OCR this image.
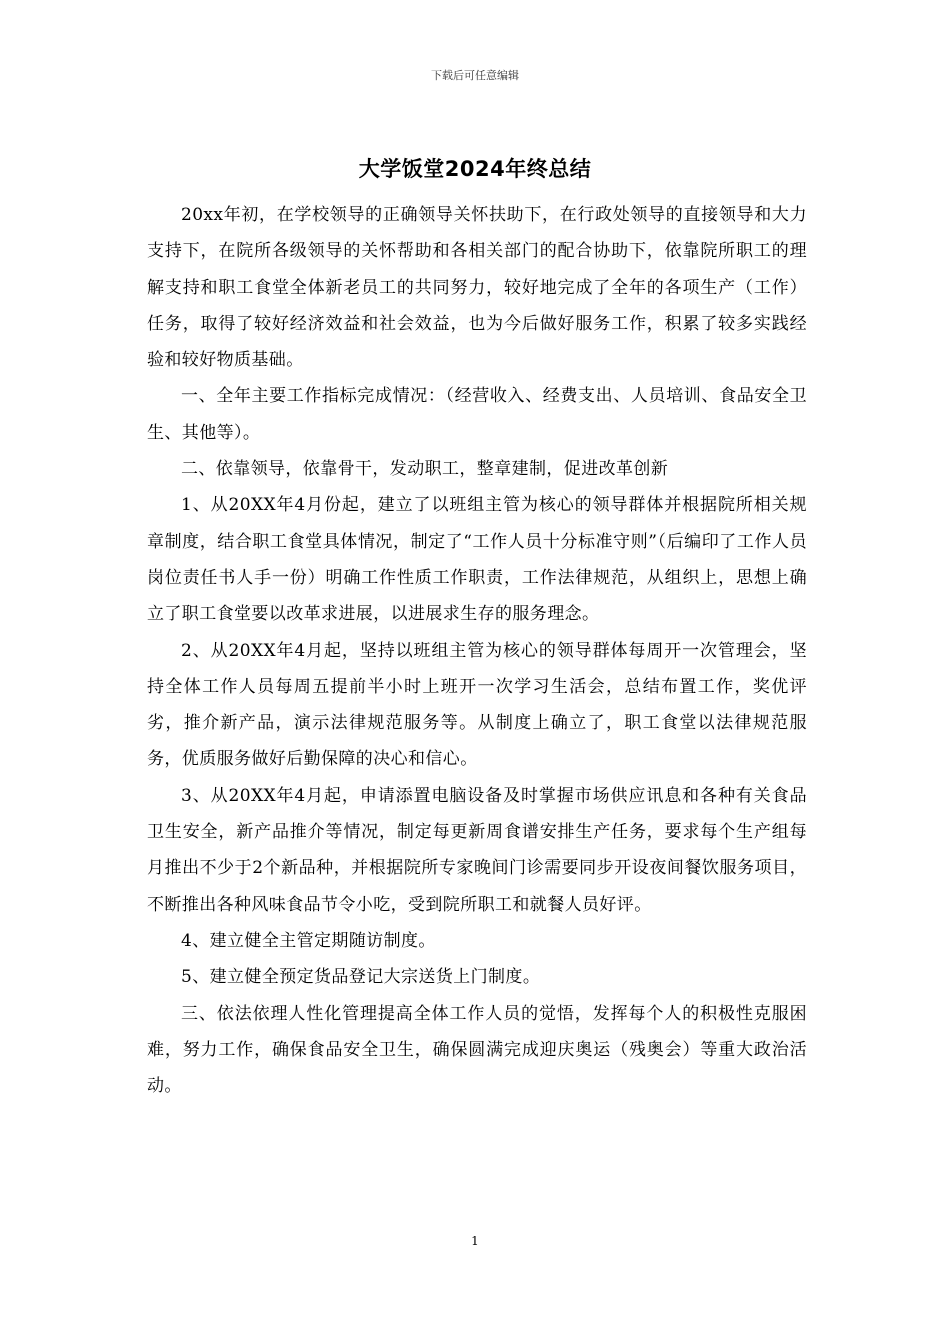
下载后可任意编辑
大学饭堂2024年终总结

20xx年初，在学校领导的正确领导关怀扶助下，在行政处领导的直接领导和大力支持下，在院所各级领导的关怀帮助和各相关部门的配合协助下，依靠院所职工的理解支持和职工食堂全体新老员工的共同努力，较好地完成了全年的各项生产（工作）任务，取得了较好经济效益和社会效益，也为今后做好服务工作，积累了较多实践经验和较好物质基础。

一、全年主要工作指标完成情况：（经营收入、经费支出、人员培训、食品安全卫生、其他等）。

二、依靠领导，依靠骨干，发动职工，整章建制，促进改革创新

1、从20XX年4月份起，建立了以班组主管为核心的领导群体并根据院所相关规章制度，结合职工食堂具体情况，制定了“工作人员十分标准守则”（后编印了工作人员岗位责任书人手一份）明确工作性质工作职责，工作法律规范，从组织上，思想上确立了职工食堂要以改革求进展，以进展求生存的服务理念。

2、从20XX年4月起，坚持以班组主管为核心的领导群体每周开一次管理会，坚持全体工作人员每周五提前半小时上班开一次学习生活会，总结布置工作，奖优评劣，推介新产品，演示法律规范服务等。从制度上确立了，职工食堂以法律规范服务，优质服务做好后勤保障的决心和信心。

3、从20XX年4月起，申请添置电脑设备及时掌握市场供应讯息和各种有关食品卫生安全，新产品推介等情况，制定每更新周食谱安排生产任务，要求每个生产组每月推出不少于2个新品种，并根据院所专家晚间门诊需要同步开设夜间餐饮服务项目，不断推出各种风味食品节令小吃，受到院所职工和就餐人员好评。

4、建立健全主管定期随访制度。

5、建立健全预定货品登记大宗送货上门制度。

三、依法依理人性化管理提高全体工作人员的觉悟，发挥每个人的积极性克服困难，努力工作，确保食品安全卫生，确保圆满完成迎庆奥运（残奥会）等重大政治活动。

1
